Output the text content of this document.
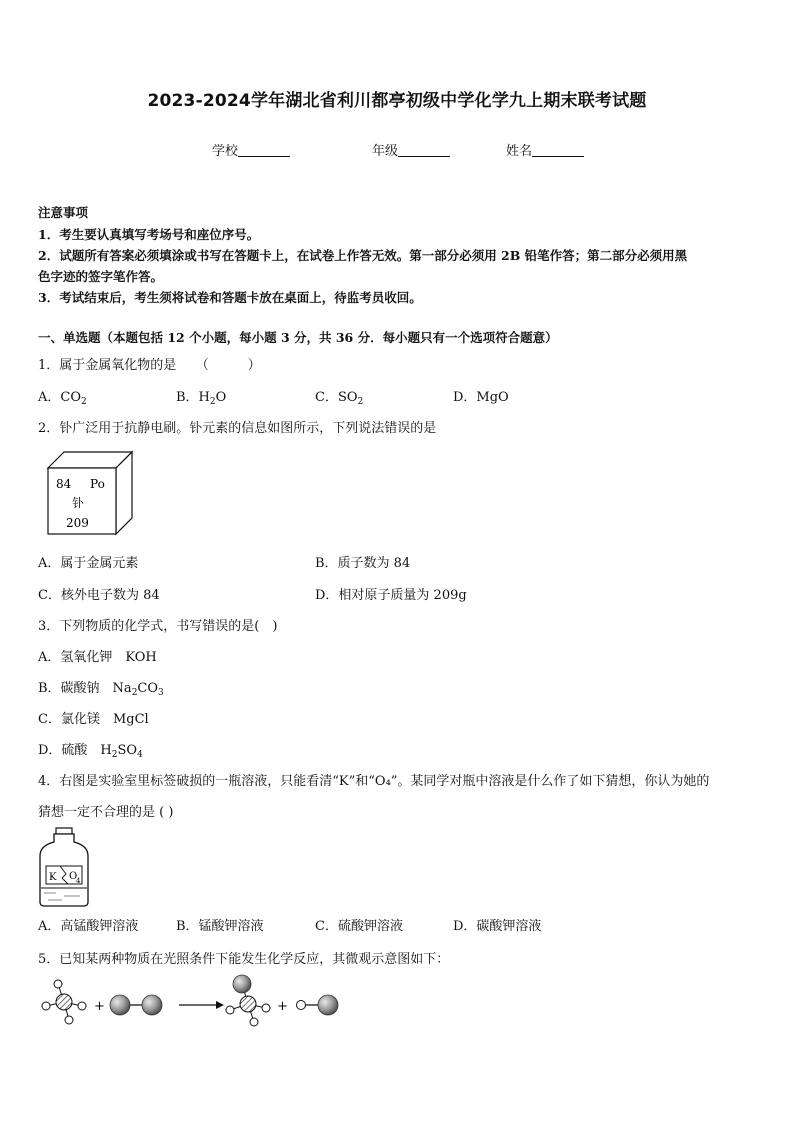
2023-2024学年湖北省利川都亭初级中学化学九上期末联考试题
学校	年级	姓名
注意事项
1．考生要认真填写考场号和座位序号。
2．试题所有答案必须填涂或书写在答题卡上，在试卷上作答无效。第一部分必须用 2B 铅笔作答；第二部分必须用黑
色字迹的签字笔作答。
3．考试结束后，考生须将试卷和答题卡放在桌面上，待监考员收回。
一、单选题（本题包括 12 个小题，每小题 3 分，共 36 分．每小题只有一个选项符合题意）
1．属于金属氧化物的是　　（　　　）
A．$CO_2$	B．$H_2O$	C．$SO_2$	D．MgO
2．钋广泛用于抗静电刷。钋元素的信息如图所示，下列说法错误的是
84 Po
钋
209
A．属于金属元素	B．质子数为 84
C．核外电子数为 84	D．相对原子质量为 209g
3．下列物质的化学式，书写错误的是(　)
A．氢氧化钾　KOH
B．碳酸钠　$Na_2CO_3$
C．氯化镁　MgCl
D．硫酸　$H_2SO_4$
4．右图是实验室里标签破损的一瓶溶液，只能看清“K”和“O₄”。某同学对瓶中溶液是什么作了如下猜想，你认为她的
猜想一定不合理的是 ( )
K O
4
A．高锰酸钾溶液	B．锰酸钾溶液	C．硫酸钾溶液	D．碳酸钾溶液
5．已知某两种物质在光照条件下能发生化学反应，其微观示意图如下：
+	+
